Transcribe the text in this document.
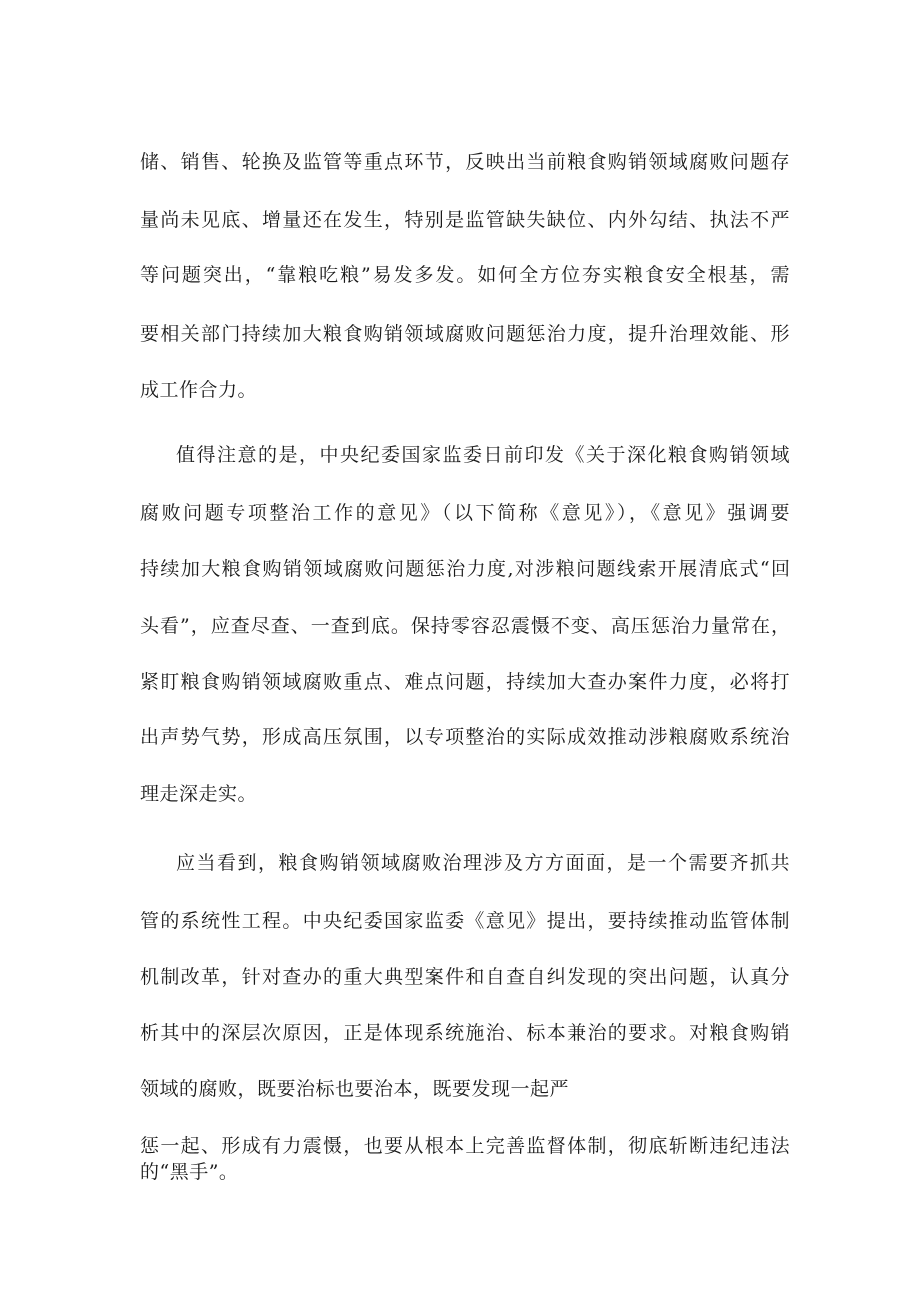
储、销售、轮换及监管等重点环节，反映出当前粮食购销领域腐败问题存
量尚未见底、增量还在发生，特别是监管缺失缺位、内外勾结、执法不严
等问题突出，“靠粮吃粮”易发多发。如何全方位夯实粮食安全根基，需
要相关部门持续加大粮食购销领域腐败问题惩治力度，提升治理效能、形
成工作合力。
值得注意的是，中央纪委国家监委日前印发《关于深化粮食购销领域
腐败问题专项整治工作的意见》（以下简称《意见》），《意见》强调要
持续加大粮食购销领域腐败问题惩治力度,对涉粮问题线索开展清底式“回
头看”，应查尽查、一查到底。保持零容忍震慑不变、高压惩治力量常在，
紧盯粮食购销领域腐败重点、难点问题，持续加大查办案件力度，必将打
出声势气势，形成高压氛围，以专项整治的实际成效推动涉粮腐败系统治
理走深走实。
应当看到，粮食购销领域腐败治理涉及方方面面，是一个需要齐抓共
管的系统性工程。中央纪委国家监委《意见》提出，要持续推动监管体制
机制改革，针对查办的重大典型案件和自查自纠发现的突出问题，认真分
析其中的深层次原因，正是体现系统施治、标本兼治的要求。对粮食购销
领域的腐败，既要治标也要治本，既要发现一起严
惩一起、形成有力震慑，也要从根本上完善监督体制，彻底斩断违纪违法
的“黑手”。
